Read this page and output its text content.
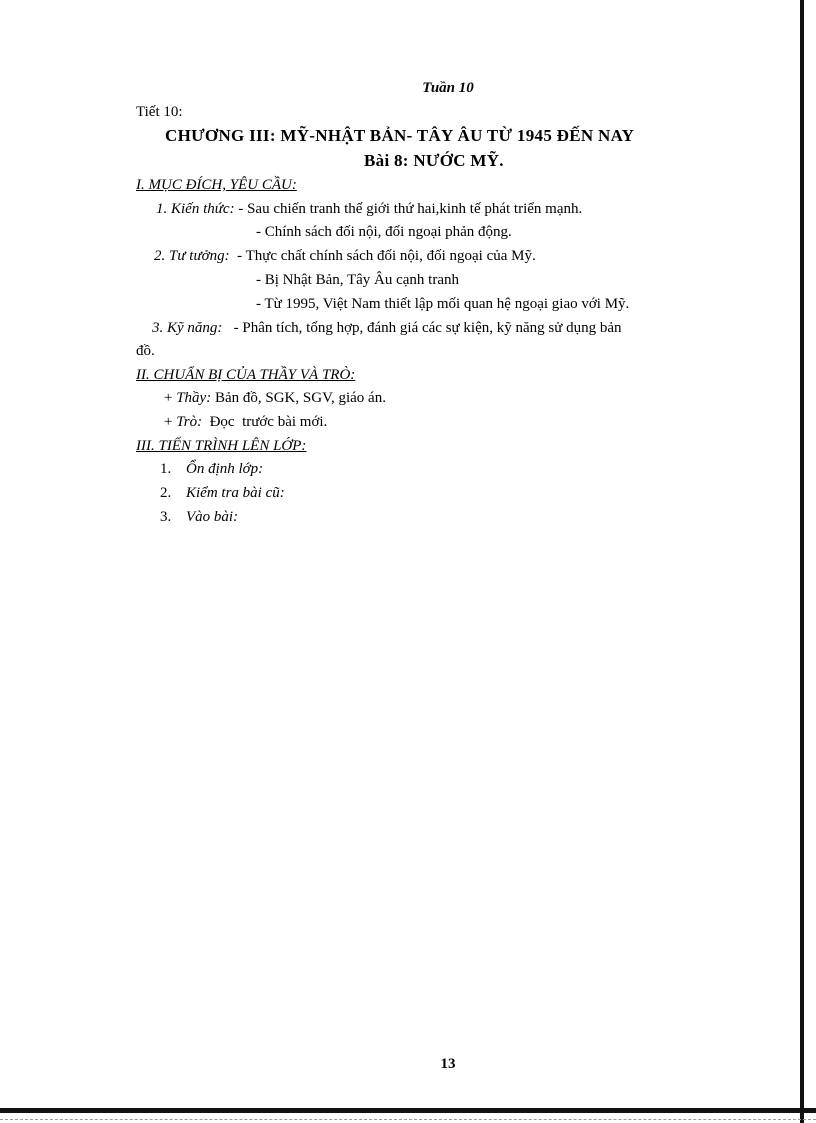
Tuần 10
Tiết 10:
CHƯƠNG III: MỸ-NHẬT BẢN- TÂY ÂU TỪ 1945 ĐẾN NAY
Bài 8: NƯỚC MỸ.
I. MỤC ĐÍCH, YÊU CẦU:
1. Kiến thức: - Sau chiến tranh thế giới thứ hai,kinh tế phát triển mạnh.
- Chính sách đối nội, đối ngoại phản động.
2. Tư tưởng:  - Thực chất chính sách đối nội, đối ngoại của Mỹ.
- Bị Nhật Bản, Tây Âu cạnh tranh
- Từ 1995, Việt Nam thiết lập mối quan hệ ngoại giao với Mỹ.
3. Kỹ năng:   - Phân tích, tổng hợp, đánh giá các sự kiện, kỹ năng sử dụng bản
đồ.
II. CHUẨN BỊ CỦA THẦY VÀ TRÒ:
+ Thầy: Bản đồ, SGK, SGV, giáo án.
+ Trò:  Đọc  trước bài mới.
III. TIẾN TRÌNH LÊN LỚP:
1. Ổn định lớp:
2. Kiểm tra bài cũ:
3. Vào bài:
13
